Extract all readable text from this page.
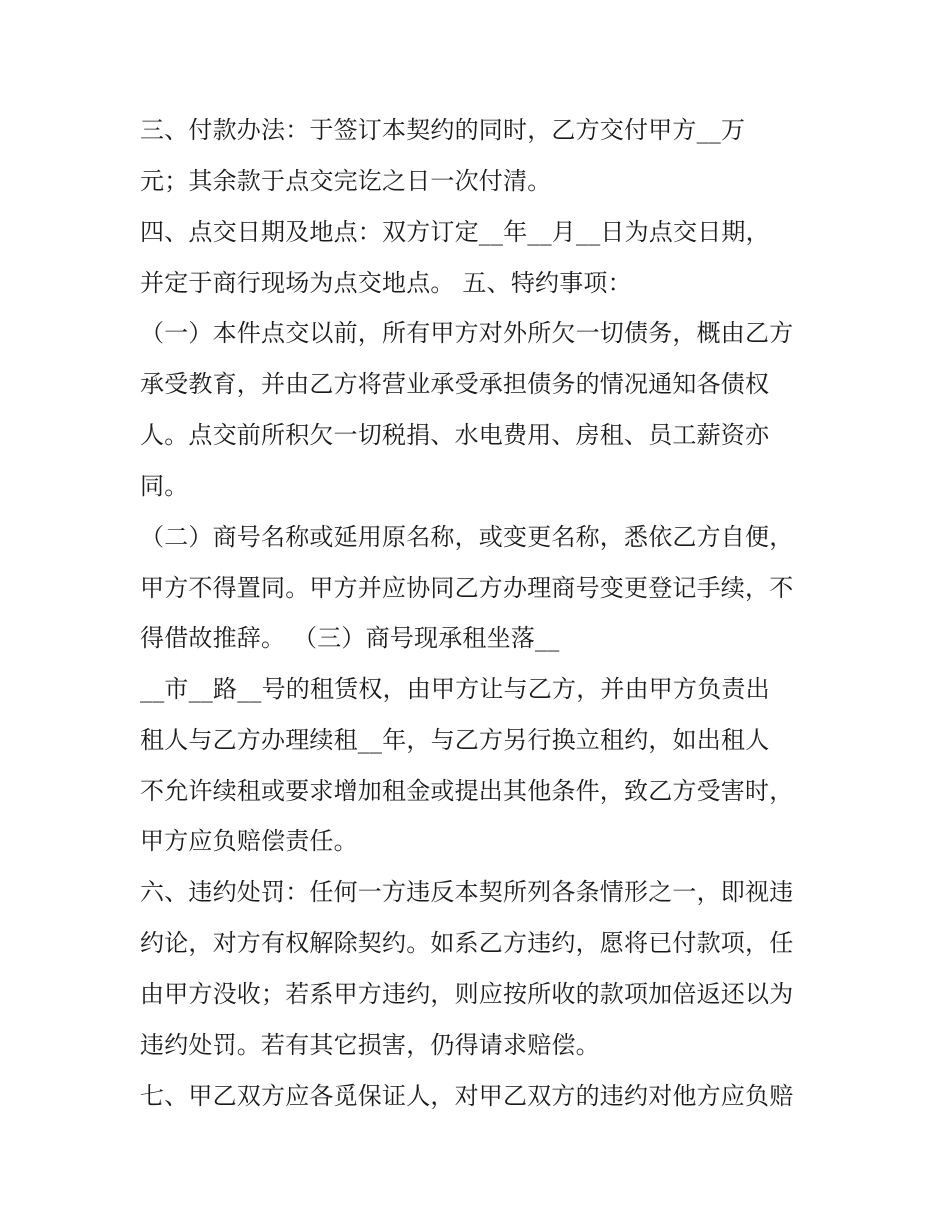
三、付款办法：于签订本契约的同时，乙方交付甲方__万
元；其余款于点交完讫之日一次付清。
四、点交日期及地点：双方订定__年__月__日为点交日期，
并定于商行现场为点交地点。 五、特约事项：
（一）本件点交以前，所有甲方对外所欠一切债务，概由乙方
承受教育，并由乙方将营业承受承担债务的情况通知各债权
人。点交前所积欠一切税捐、水电费用、房租、员工薪资亦
同。
（二）商号名称或延用原名称，或变更名称，悉依乙方自便，
甲方不得置同。甲方并应协同乙方办理商号变更登记手续，不
得借故推辞。 （三）商号现承租坐落__
__市__路__号的租赁权，由甲方让与乙方，并由甲方负责出
租人与乙方办理续租__年，与乙方另行换立租约，如出租人
不允许续租或要求增加租金或提出其他条件，致乙方受害时，
甲方应负赔偿责任。
六、违约处罚：任何一方违反本契所列各条情形之一，即视违
约论，对方有权解除契约。如系乙方违约，愿将已付款项，任
由甲方没收；若系甲方违约，则应按所收的款项加倍返还以为
违约处罚。若有其它损害，仍得请求赔偿。
七、甲乙双方应各觅保证人，对甲乙双方的违约对他方应负赔
